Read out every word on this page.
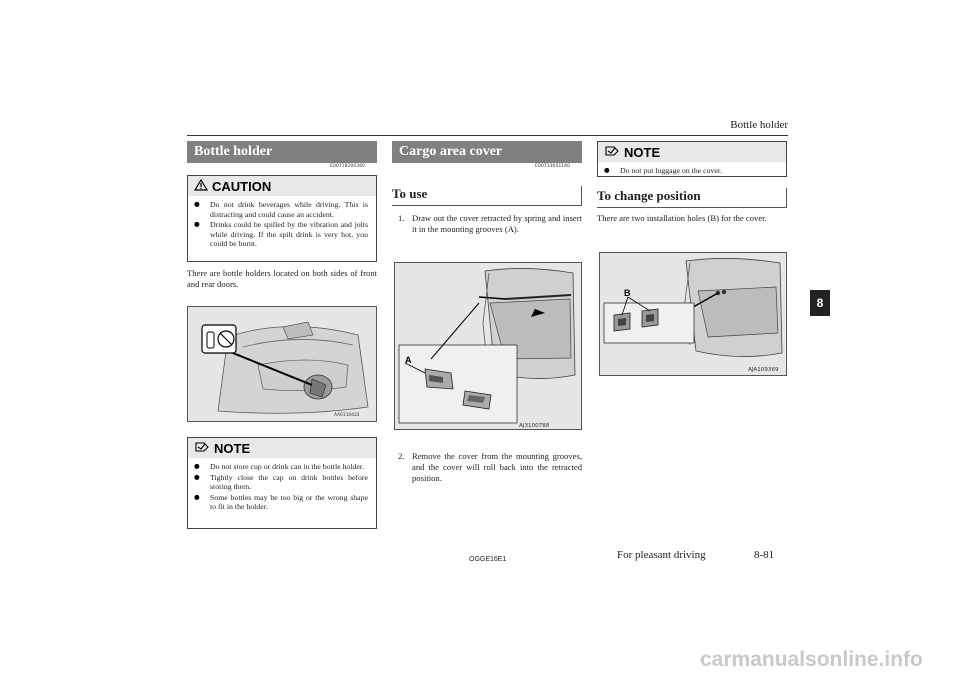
Bottle holder
Bottle holder
E00718200360
CAUTION
● Do not drink beverages while driving. This is distracting and could cause an accident.
● Drinks could be spilled by the vibration and jolts while driving. If the spilt drink is very hot, you could be burnt.
There are bottle holders located on both sides of front and rear doors.
AA0110422
NOTE
● Do not store cup or drink can in the bottle holder.
● Tightly close the cap on drink bottles before storing them.
● Some bottles may be too big or the wrong shape to fit in the holder.
Cargo area cover
E00733601160
To use
1. Draw out the cover retracted by spring and insert it in the mounting grooves (A).
A
AJ3100788
2. Remove the cover from the mounting grooves, and the cover will roll back into the retracted position.
NOTE
● Do not put luggage on the cover.
To change position
There are two installation holes (B) for the cover.
B
AJA109369
8
OGGE16E1	For pleasant driving	8-81
carmanualsonline.info
